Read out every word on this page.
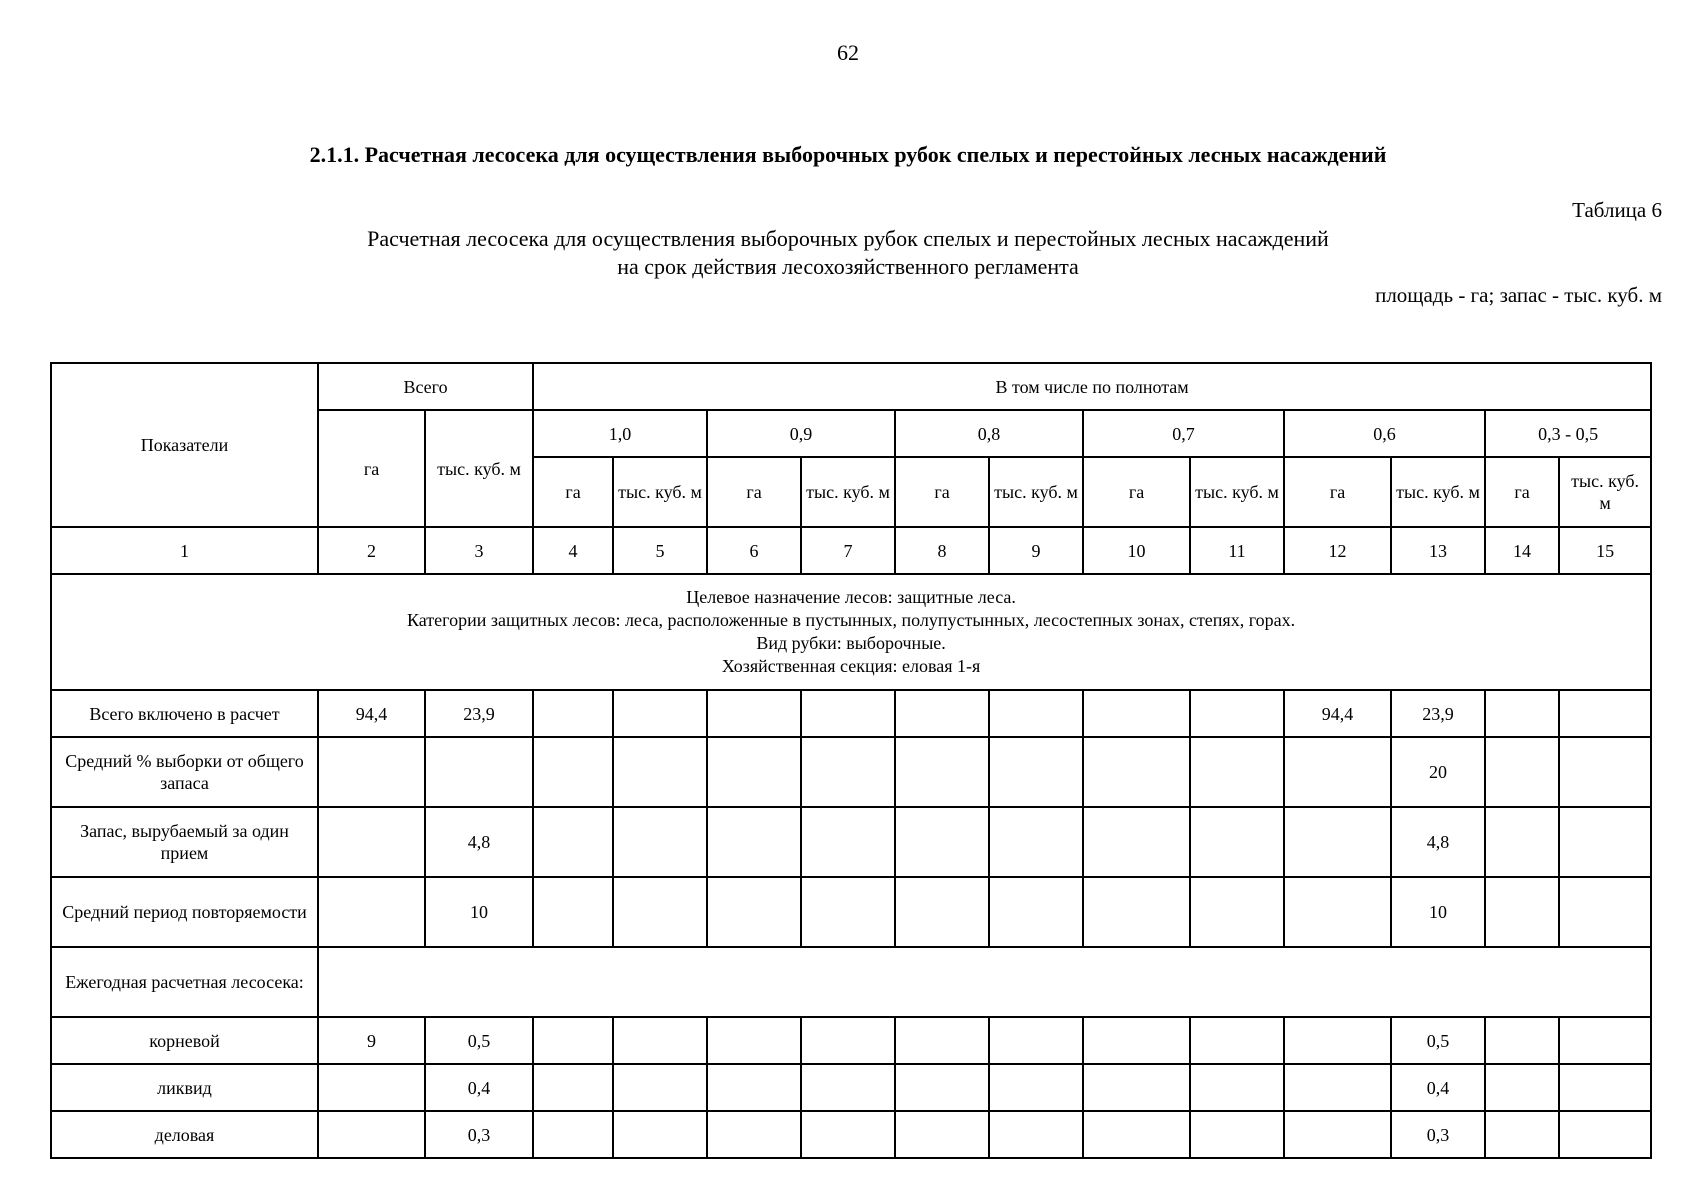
62
2.1.1. Расчетная лесосека для осуществления выборочных рубок спелых и перестойных лесных насаждений
Таблица 6
Расчетная лесосека для осуществления выборочных рубок спелых и перестойных лесных насаждений
на срок действия лесохозяйственного регламента
площадь - га; запас - тыс. куб. м
Показатели	Всего		В том числе по полнотам											
	га	тыс. куб. м	1,0		0,9		0,8		0,7		0,6		0,3 - 0,5	
			га	тыс. куб. м	га	тыс. куб. м	га	тыс. куб. м	га	тыс. куб. м	га	тыс. куб. м	га	тыс. куб. м
1	2	3	4	5	6	7	8	9	10	11	12	13	14	15

Целевое назначение лесов: защитные леса.
Категории защитных лесов: леса, расположенные в пустынных, полупустынных, лесостепных зонах, степях, горах.
Вид рубки: выборочные.
Хозяйственная секция: еловая 1-я														

Всего включено в расчет	94,4	23,9									94,4	23,9		
Средний % выборки от общего запаса												20		
Запас, вырубаемый за один прием		4,8										4,8		
Средний период повторяемости		10										10		
Ежегодная расчетная лесосека:														
корневой	9	0,5										0,5		
ликвид		0,4										0,4		
деловая		0,3										0,3		
